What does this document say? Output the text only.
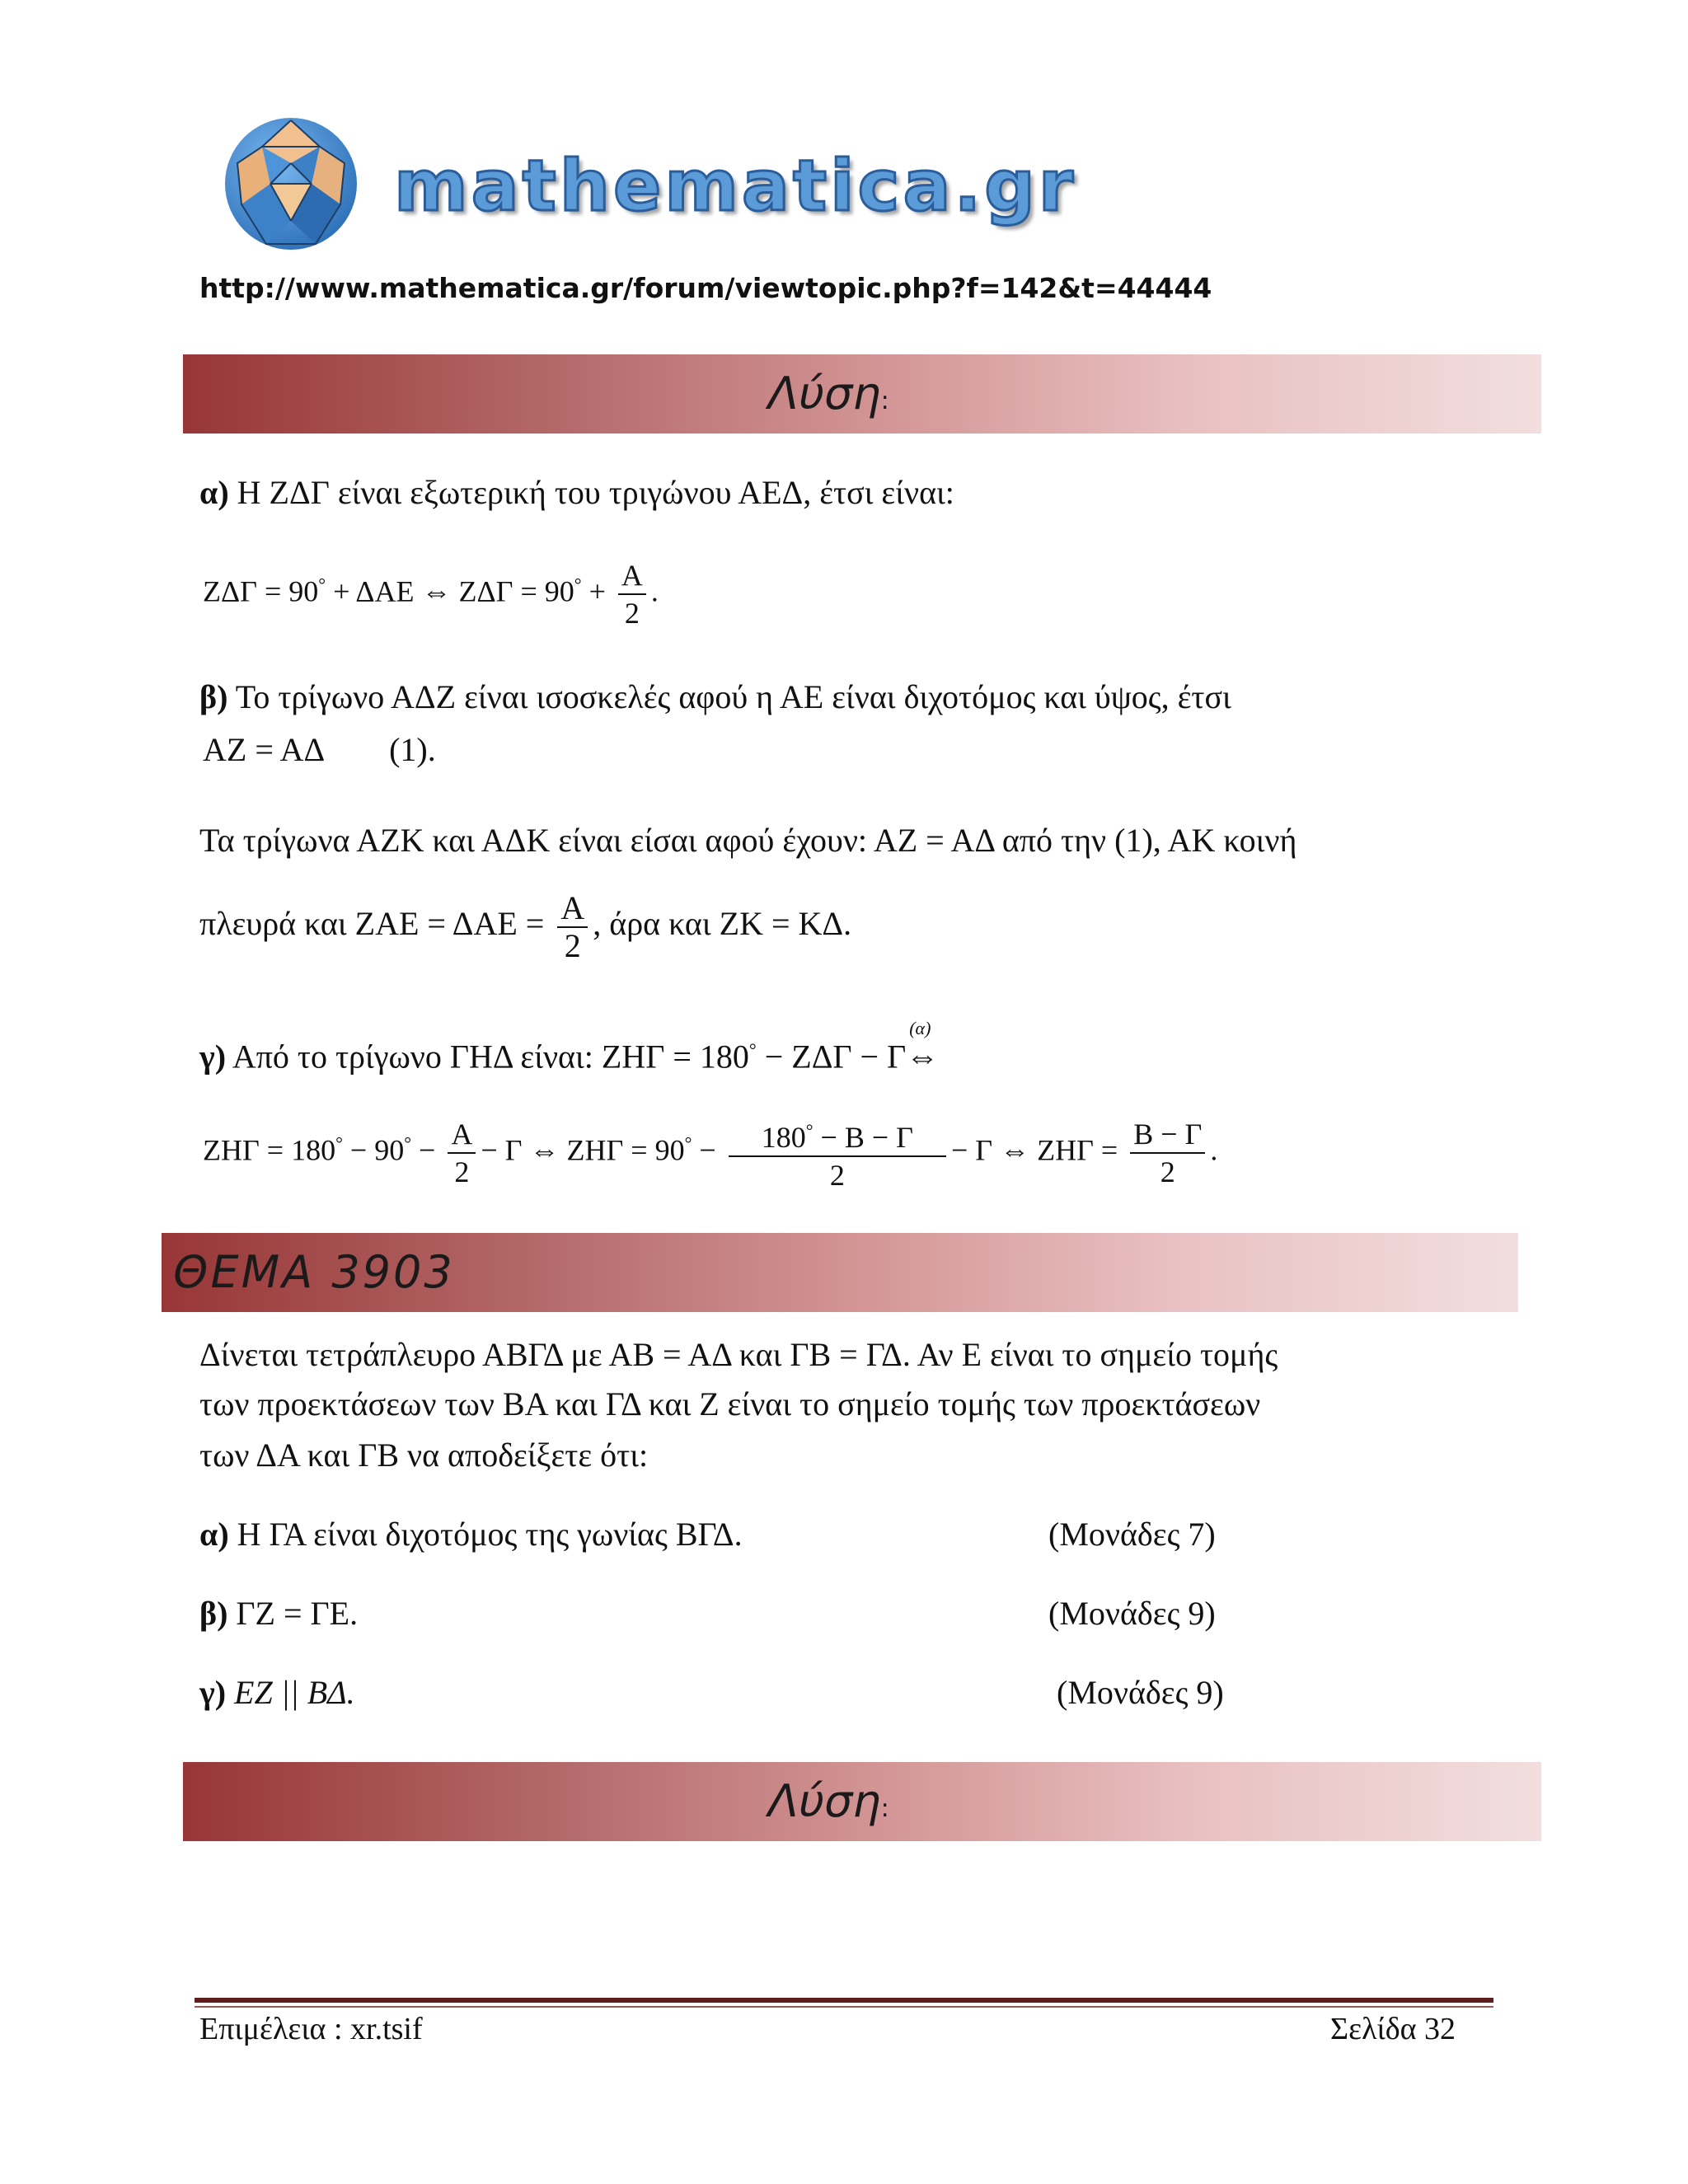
mathematica.gr
http://www.mathematica.gr/forum/viewtopic.php?f=142&t=44444
Λύση:
α) Η ΖΔΓ είναι εξωτερική του τριγώνου ΑΕΔ, έτσι είναι:
ΖΔΓ = 90° + ΔΑΕ ⇔ $Z\Delta\Gamma = 90^\circ + \frac{A}{2}$ .
β) Το τρίγωνο ΑΔΖ είναι ισοσκελές αφού η ΑΕ είναι διχοτόμος και ύψος, έτσι
ΑΖ = ΑΔ (1).
Τα τρίγωνα ΑΖΚ και ΑΔΚ είναι είσαι αφού έχουν: ΑΖ = ΑΔ από την (1), ΑΚ κοινή
πλευρά και $ZAE = \Delta AE = \frac{A}{2}$ , άρα και ΖΚ = ΚΔ.
γ) Από το τρίγωνο ΓΗΔ είναι: ΖΗΓ = 180° − ΖΔΓ − Γ
(α)
⇔
$ZH\Gamma = 180^\circ - 90^\circ - \frac{A}{2} - \Gamma$ ⇔ $ZH\Gamma = 90^\circ - \frac{180^\circ - B - \Gamma}{2} - \Gamma$ ⇔ $ZH\Gamma = \frac{B - \Gamma}{2}$ .
ΘΕΜΑ 3903
Δίνεται τετράπλευρο ΑΒΓΔ με ΑΒ = ΑΔ και ΓΒ = ΓΔ. Αν Ε είναι το σημείο τομής
των προεκτάσεων των ΒΑ και ΓΔ και Ζ είναι το σημείο τομής των προεκτάσεων
των ΔΑ και ΓΒ να αποδείξετε ότι:
α) Η ΓΑ είναι διχοτόμος της γωνίας ΒΓΔ.	(Μονάδες 7)
β) ΓΖ = ΓΕ.	(Μονάδες 9)
γ) ΕΖ || ΒΔ.	(Μονάδες 9)
Λύση:
Επιμέλεια : xr.tsif	Σελίδα 32
